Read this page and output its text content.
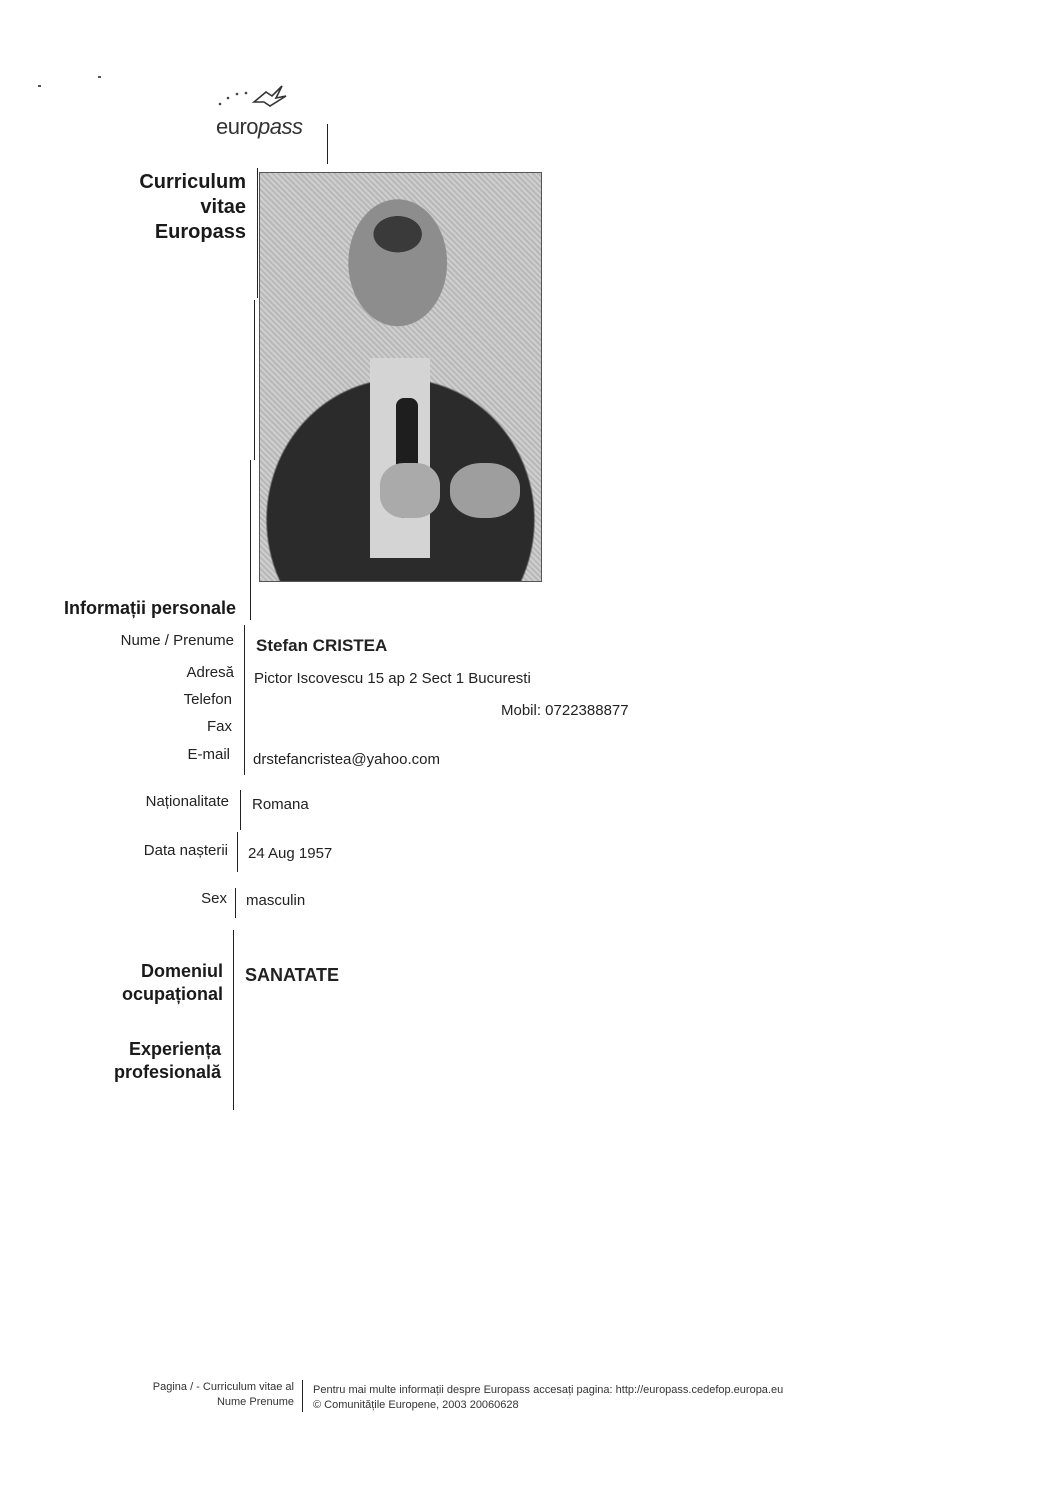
europass
Curriculum
vitae
Europass
Informații personale
Nume / Prenume Stefan CRISTEA
Adresă Pictor Iscovescu 15 ap 2 Sect 1 Bucuresti
Telefon
Mobil: 0722388877
Fax
E-mail drstefancristea@yahoo.com
Naționalitate Romana
Data nașterii 24 Aug 1957
Sex masculin
Domeniul
ocupațional
SANATATE
Experiența
profesională
Pagina / - Curriculum vitae al
Nume Prenume
Pentru mai multe informații despre Europass accesați pagina: http://europass.cedefop.europa.eu
© Comunitățile Europene, 2003 20060628
